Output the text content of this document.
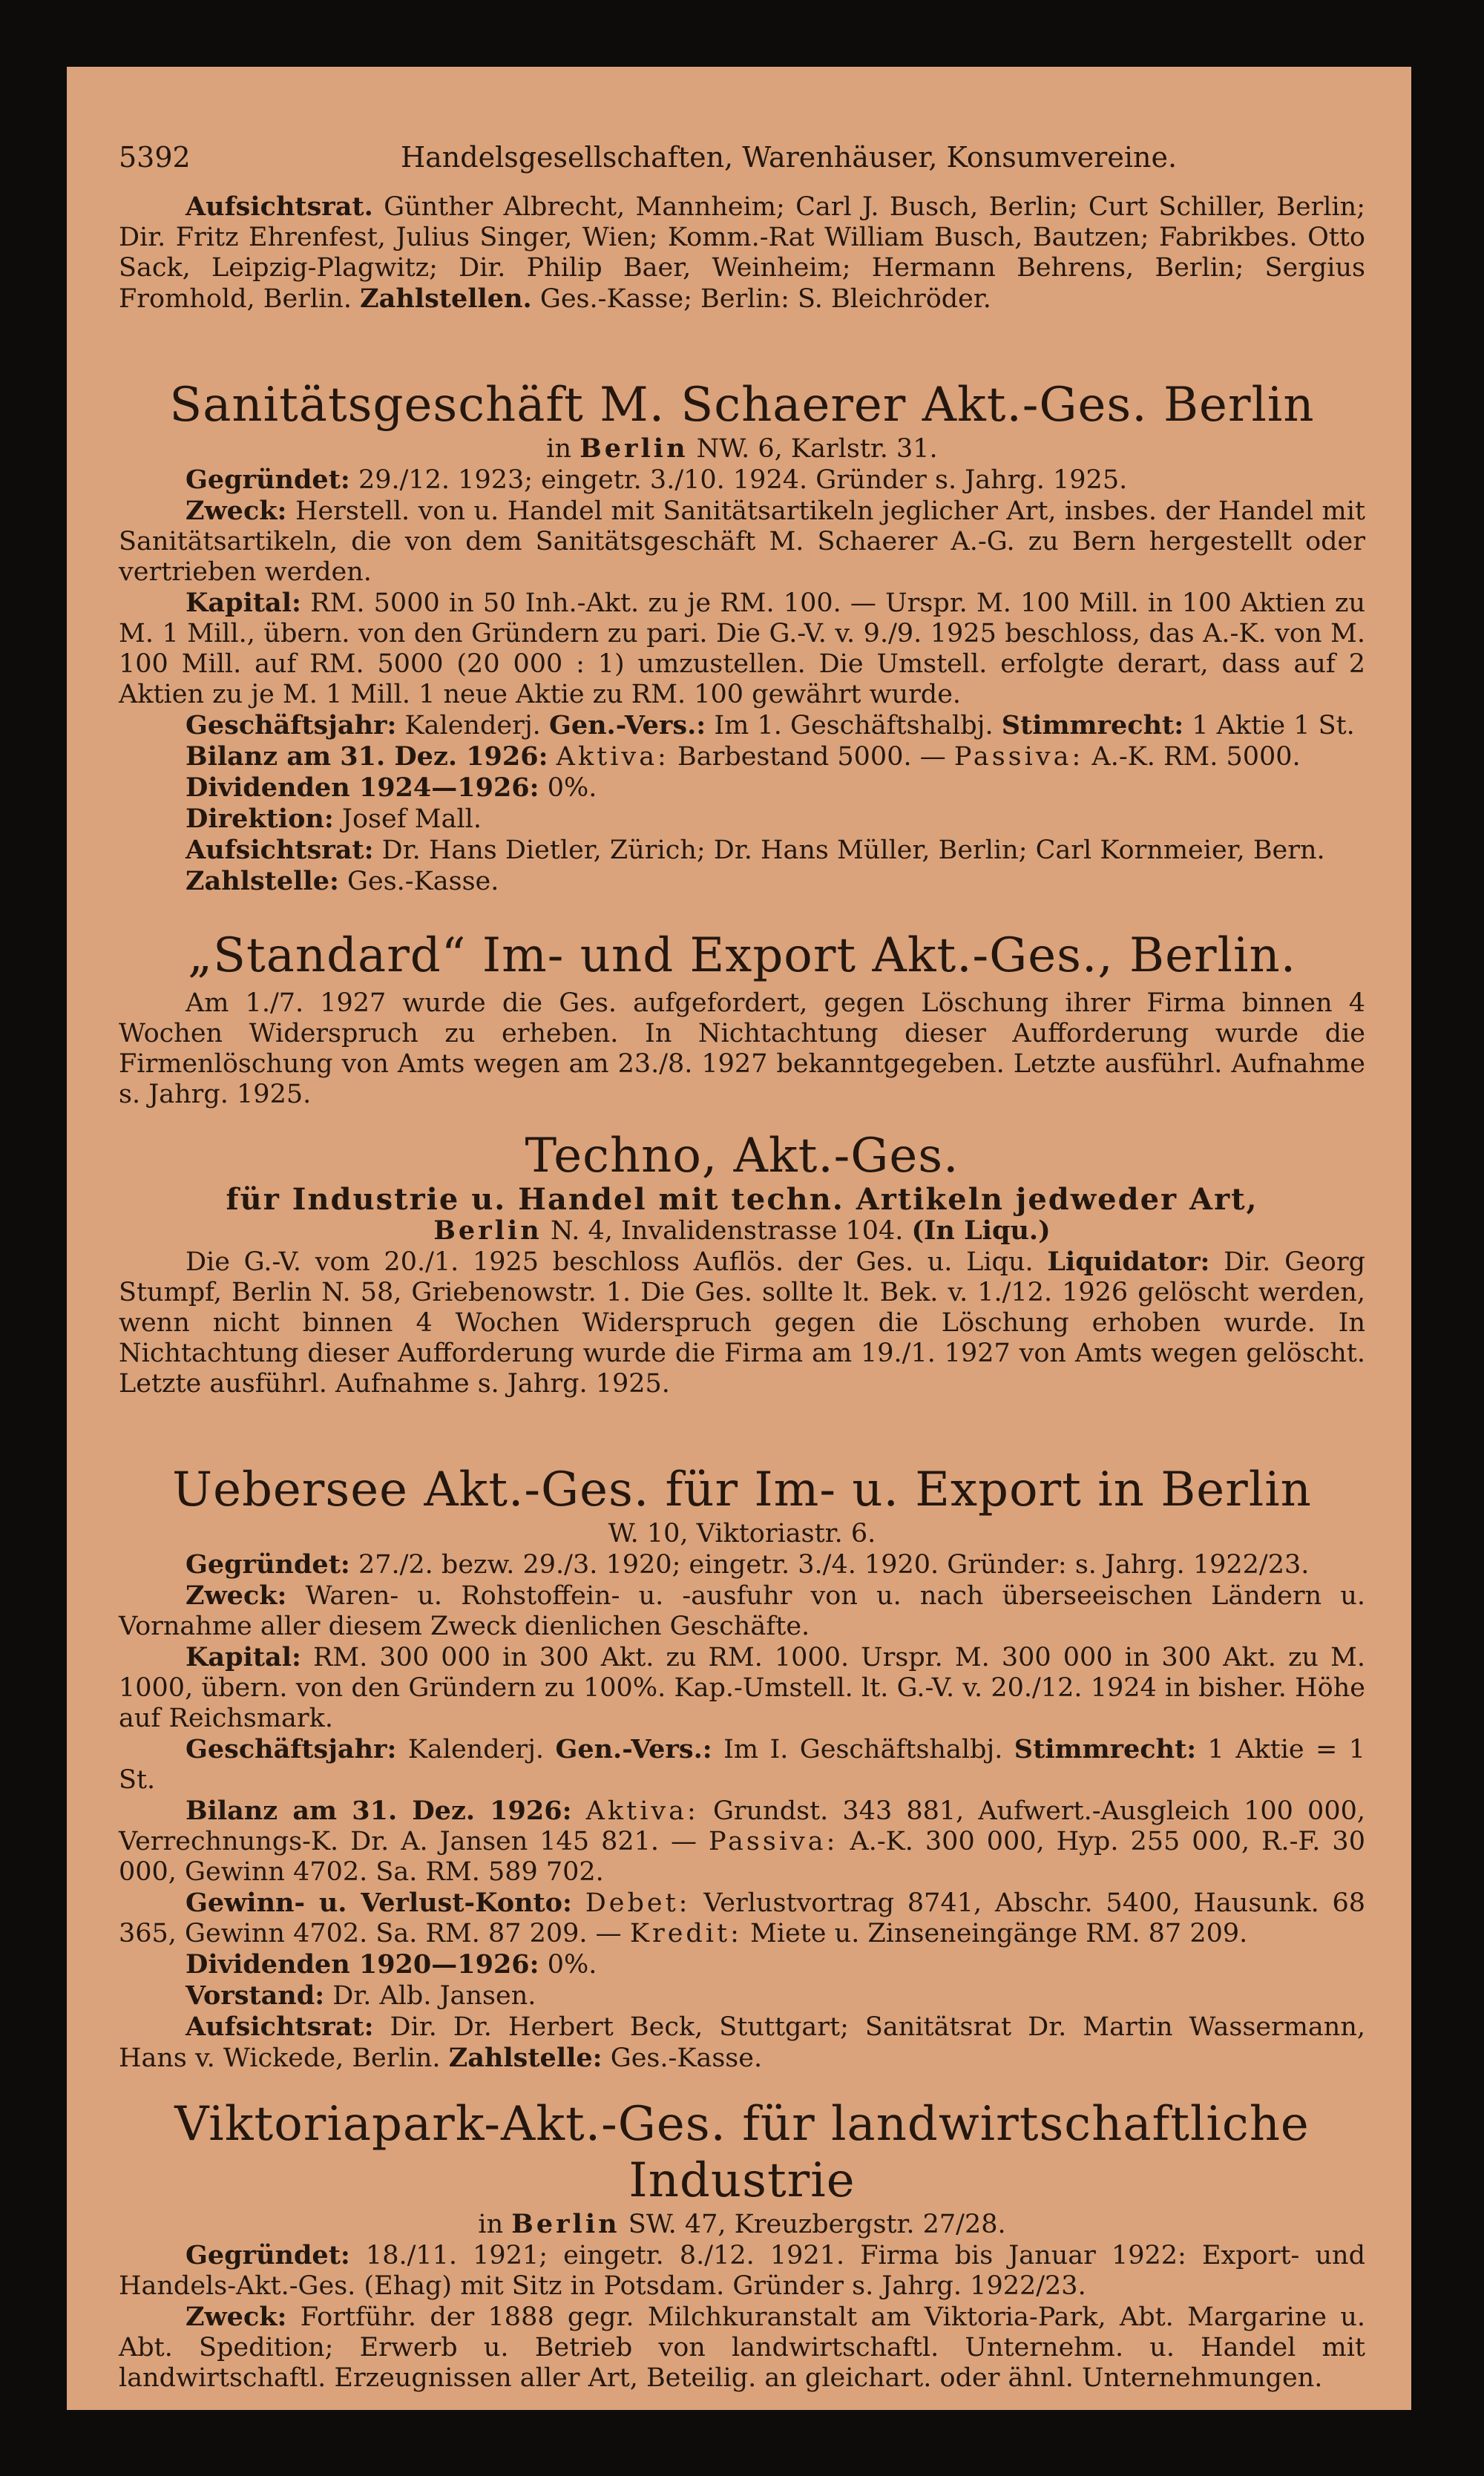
5392	Handelsgesellschaften, Warenhäuser, Konsumvereine.

Aufsichtsrat. Günther Albrecht, Mannheim; Carl J. Busch, Berlin; Curt Schiller, Berlin; Dir. Fritz Ehrenfest, Julius Singer, Wien; Komm.-Rat William Busch, Bautzen; Fabrikbes. Otto Sack, Leipzig-Plagwitz; Dir. Philip Baer, Weinheim; Hermann Behrens, Berlin; Sergius Fromhold, Berlin. Zahlstellen. Ges.-Kasse; Berlin: S. Bleichröder.

Sanitätsgeschäft M. Schaerer Akt.-Ges. Berlin

in Berlin NW. 6, Karlstr. 31.

Gegründet: 29./12. 1923; eingetr. 3./10. 1924. Gründer s. Jahrg. 1925.

Zweck: Herstell. von u. Handel mit Sanitätsartikeln jeglicher Art, insbes. der Handel mit Sanitätsartikeln, die von dem Sanitätsgeschäft M. Schaerer A.-G. zu Bern hergestellt oder vertrieben werden.

Kapital: RM. 5000 in 50 Inh.-Akt. zu je RM. 100. — Urspr. M. 100 Mill. in 100 Aktien zu M. 1 Mill., übern. von den Gründern zu pari. Die G.-V. v. 9./9. 1925 beschloss, das A.-K. von M. 100 Mill. auf RM. 5000 (20 000 : 1) umzustellen. Die Umstell. erfolgte derart, dass auf 2 Aktien zu je M. 1 Mill. 1 neue Aktie zu RM. 100 gewährt wurde.

Geschäftsjahr: Kalenderj. Gen.-Vers.: Im 1. Geschäftshalbj. Stimmrecht: 1 Aktie 1 St.

Bilanz am 31. Dez. 1926: Aktiva: Barbestand 5000. — Passiva: A.-K. RM. 5000.

Dividenden 1924—1926: 0%.

Direktion: Josef Mall.

Aufsichtsrat: Dr. Hans Dietler, Zürich; Dr. Hans Müller, Berlin; Carl Kornmeier, Bern.

Zahlstelle: Ges.-Kasse.

„Standard“ Im- und Export Akt.-Ges., Berlin.

Am 1./7. 1927 wurde die Ges. aufgefordert, gegen Löschung ihrer Firma binnen 4 Wochen Widerspruch zu erheben. In Nichtachtung dieser Aufforderung wurde die Firmenlöschung von Amts wegen am 23./8. 1927 bekanntgegeben. Letzte ausführl. Aufnahme s. Jahrg. 1925.

Techno, Akt.-Ges.

für Industrie u. Handel mit techn. Artikeln jedweder Art,

Berlin N. 4, Invalidenstrasse 104. (In Liqu.)

Die G.-V. vom 20./1. 1925 beschloss Auflös. der Ges. u. Liqu. Liquidator: Dir. Georg Stumpf, Berlin N. 58, Griebenowstr. 1. Die Ges. sollte lt. Bek. v. 1./12. 1926 gelöscht werden, wenn nicht binnen 4 Wochen Widerspruch gegen die Löschung erhoben wurde. In Nichtachtung dieser Aufforderung wurde die Firma am 19./1. 1927 von Amts wegen gelöscht. Letzte ausführl. Aufnahme s. Jahrg. 1925.

Uebersee Akt.-Ges. für Im- u. Export in Berlin

W. 10, Viktoriastr. 6.

Gegründet: 27./2. bezw. 29./3. 1920; eingetr. 3./4. 1920. Gründer: s. Jahrg. 1922/23.

Zweck: Waren- u. Rohstoffein- u. -ausfuhr von u. nach überseeischen Ländern u. Vornahme aller diesem Zweck dienlichen Geschäfte.

Kapital: RM. 300 000 in 300 Akt. zu RM. 1000. Urspr. M. 300 000 in 300 Akt. zu M. 1000, übern. von den Gründern zu 100%. Kap.-Umstell. lt. G.-V. v. 20./12. 1924 in bisher. Höhe auf Reichsmark.

Geschäftsjahr: Kalenderj. Gen.-Vers.: Im I. Geschäftshalbj. Stimmrecht: 1 Aktie = 1 St.

Bilanz am 31. Dez. 1926: Aktiva: Grundst. 343 881, Aufwert.-Ausgleich 100 000, Verrechnungs-K. Dr. A. Jansen 145 821. — Passiva: A.-K. 300 000, Hyp. 255 000, R.-F. 30 000, Gewinn 4702. Sa. RM. 589 702.

Gewinn- u. Verlust-Konto: Debet: Verlustvortrag 8741, Abschr. 5400, Hausunk. 68 365, Gewinn 4702. Sa. RM. 87 209. — Kredit: Miete u. Zinseneingänge RM. 87 209.

Dividenden 1920—1926: 0%.

Vorstand: Dr. Alb. Jansen.

Aufsichtsrat: Dir. Dr. Herbert Beck, Stuttgart; Sanitätsrat Dr. Martin Wassermann, Hans v. Wickede, Berlin. Zahlstelle: Ges.-Kasse.

Viktoriapark-Akt.-Ges. für landwirtschaftliche Industrie

in Berlin SW. 47, Kreuzbergstr. 27/28.

Gegründet: 18./11. 1921; eingetr. 8./12. 1921. Firma bis Januar 1922: Export- und Handels-Akt.-Ges. (Ehag) mit Sitz in Potsdam. Gründer s. Jahrg. 1922/23.

Zweck: Fortführ. der 1888 gegr. Milchkuranstalt am Viktoria-Park, Abt. Margarine u. Abt. Spedition; Erwerb u. Betrieb von landwirtschaftl. Unternehm. u. Handel mit landwirtschaftl. Erzeugnissen aller Art, Beteilig. an gleichart. oder ähnl. Unternehmungen.
